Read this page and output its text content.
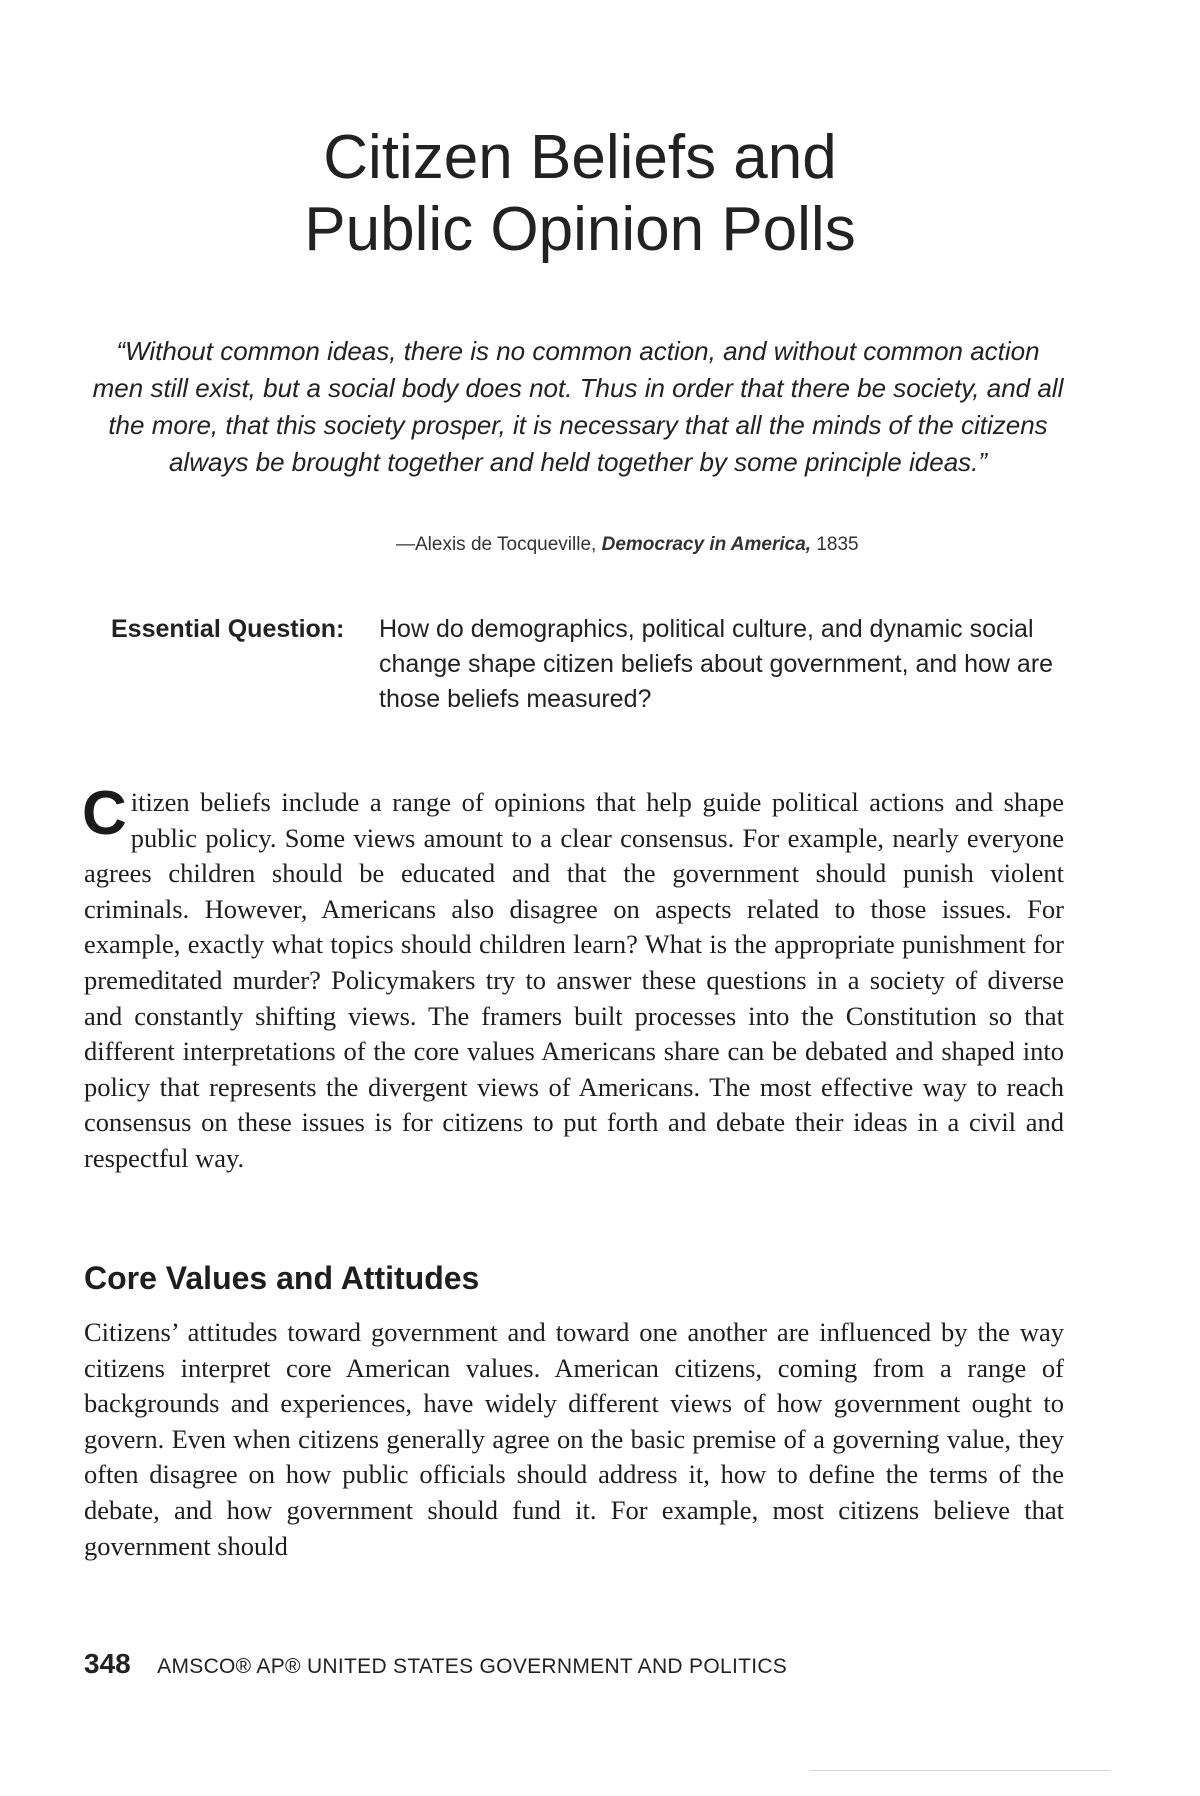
Citizen Beliefs and
Public Opinion Polls

“Without common ideas, there is no common action, and without common action men still exist, but a social body does not. Thus in order that there be society, and all the more, that this society prosper, it is necessary that all the minds of the citizens always be brought together and held together by some principle ideas.”

—Alexis de Tocqueville, Democracy in America, 1835
Essential Question: How do demographics, political culture, and dynamic social change shape citizen beliefs about government, and how are those beliefs measured?

Citizen beliefs include a range of opinions that help guide political actions and shape public policy. Some views amount to a clear consensus. For example, nearly everyone agrees children should be educated and that the government should punish violent criminals. However, Americans also disagree on aspects related to those issues. For example, exactly what topics should children learn? What is the appropriate punishment for premeditated murder? Policymakers try to answer these questions in a society of diverse and constantly shifting views. The framers built processes into the Constitution so that different interpretations of the core values Americans share can be debated and shaped into policy that represents the divergent views of Americans. The most effective way to reach consensus on these issues is for citizens to put forth and debate their ideas in a civil and respectful way.

Core Values and Attitudes

Citizens’ attitudes toward government and toward one another are influenced by the way citizens interpret core American values. American citizens, coming from a range of backgrounds and experiences, have widely different views of how government ought to govern. Even when citizens generally agree on the basic premise of a governing value, they often disagree on how public officials should address it, how to define the terms of the debate, and how government should fund it. For example, most citizens believe that government should

348 AMSCO® AP® UNITED STATES GOVERNMENT AND POLITICS
